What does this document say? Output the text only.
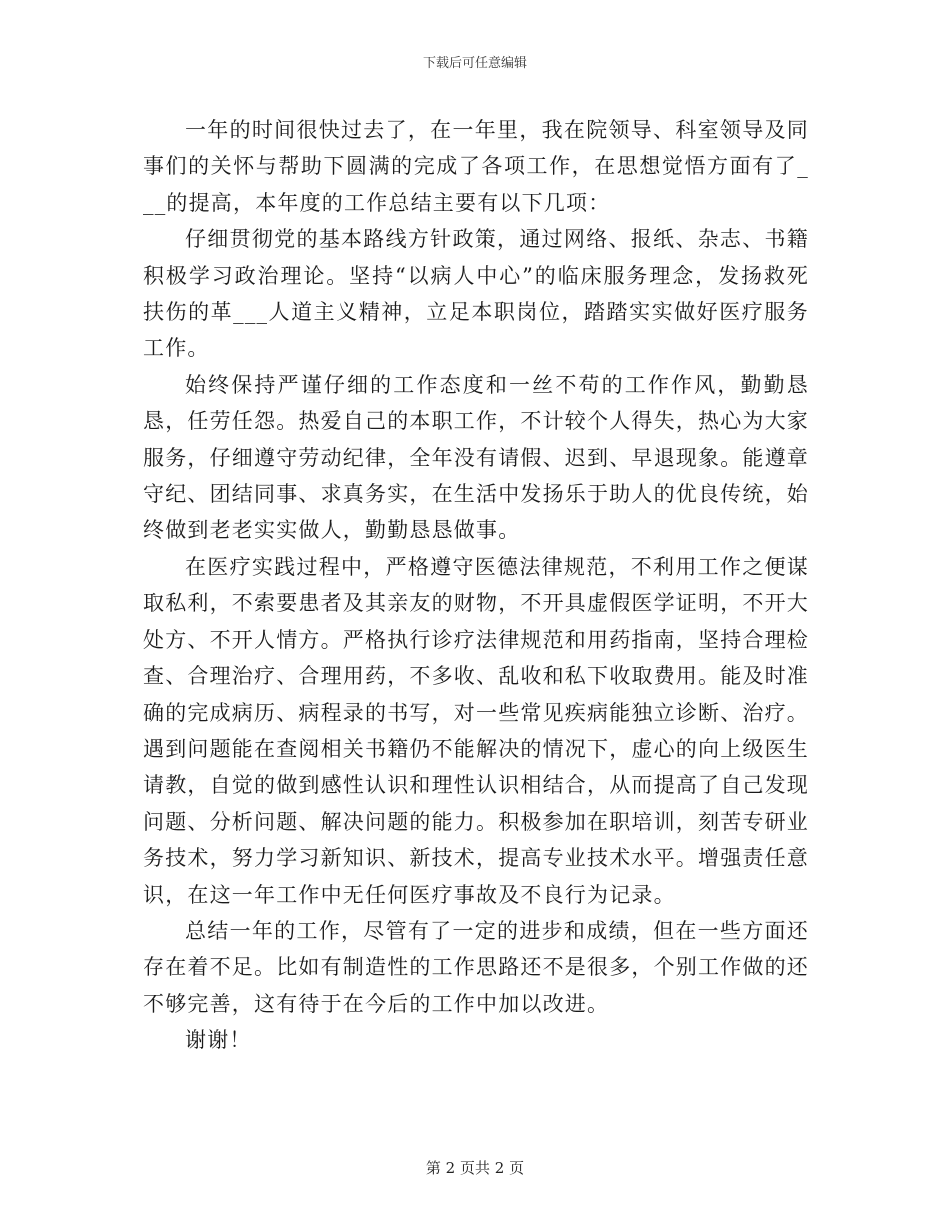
下载后可任意编辑

一年的时间很快过去了，在一年里，我在院领导、科室领导及同事们的关怀与帮助下圆满的完成了各项工作，在思想觉悟方面有了___的提高，本年度的工作总结主要有以下几项：

仔细贯彻党的基本路线方针政策，通过网络、报纸、杂志、书籍积极学习政治理论。坚持“以病人中心”的临床服务理念，发扬救死扶伤的革___人道主义精神，立足本职岗位，踏踏实实做好医疗服务工作。

始终保持严谨仔细的工作态度和一丝不苟的工作作风，勤勤恳恳，任劳任怨。热爱自己的本职工作，不计较个人得失，热心为大家服务，仔细遵守劳动纪律，全年没有请假、迟到、早退现象。能遵章守纪、团结同事、求真务实，在生活中发扬乐于助人的优良传统，始终做到老老实实做人，勤勤恳恳做事。

在医疗实践过程中，严格遵守医德法律规范，不利用工作之便谋取私利，不索要患者及其亲友的财物，不开具虚假医学证明，不开大处方、不开人情方。严格执行诊疗法律规范和用药指南，坚持合理检查、合理治疗、合理用药，不多收、乱收和私下收取费用。能及时准确的完成病历、病程录的书写，对一些常见疾病能独立诊断、治疗。遇到问题能在查阅相关书籍仍不能解决的情况下，虚心的向上级医生请教，自觉的做到感性认识和理性认识相结合，从而提高了自己发现问题、分析问题、解决问题的能力。积极参加在职培训，刻苦专研业务技术，努力学习新知识、新技术，提高专业技术水平。增强责任意识，在这一年工作中无任何医疗事故及不良行为记录。

总结一年的工作，尽管有了一定的进步和成绩，但在一些方面还存在着不足。比如有制造性的工作思路还不是很多，个别工作做的还不够完善，这有待于在今后的工作中加以改进。

谢谢！

第 2 页共 2 页
